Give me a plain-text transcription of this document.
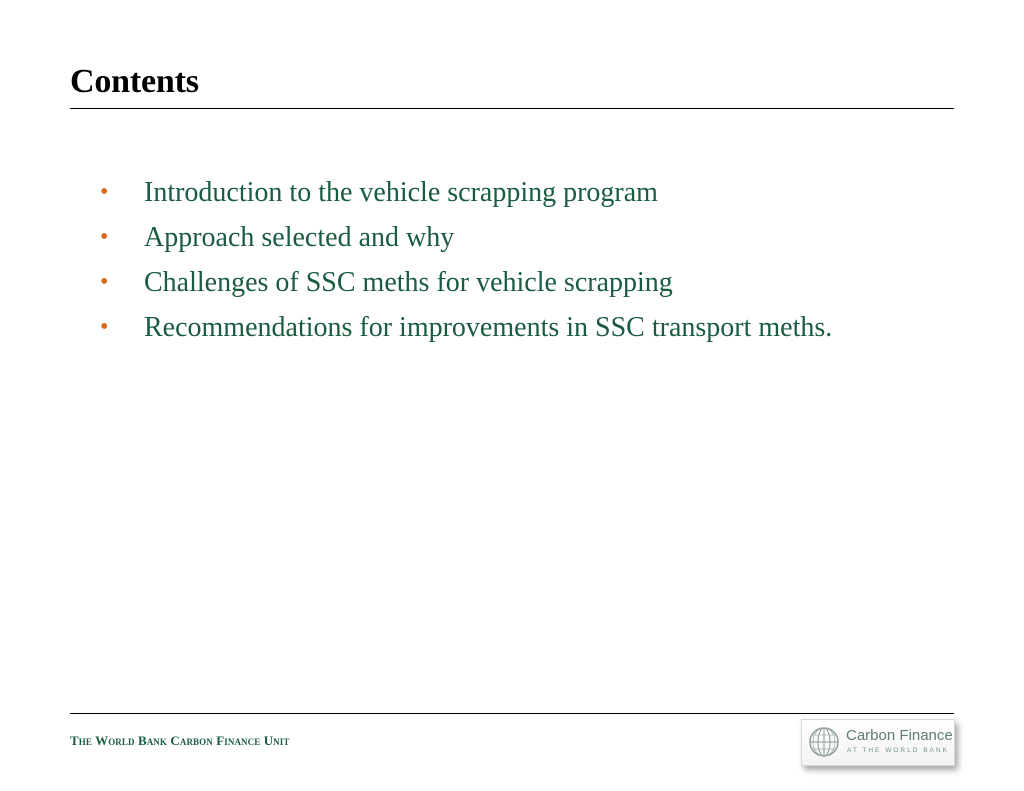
Contents
•	Introduction to the vehicle scrapping program
•	Approach selected and why
•	Challenges of SSC meths for vehicle scrapping
•	Recommendations for improvements in SSC transport meths.
The World Bank Carbon Finance Unit	Carbon Finance
AT THE WORLD BANK
